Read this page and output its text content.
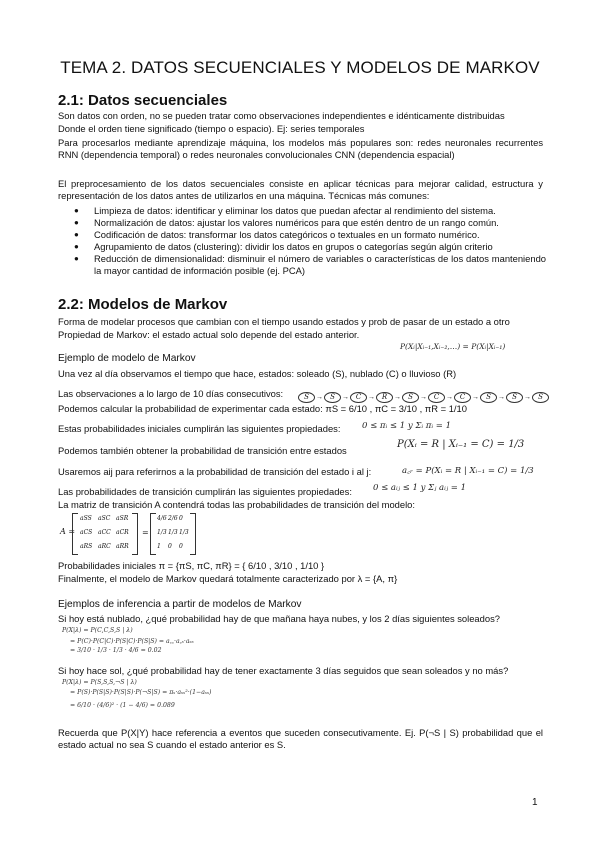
TEMA 2. DATOS SECUENCIALES Y MODELOS DE MARKOV
2.1: Datos secuenciales
Son datos con orden, no se pueden tratar como observaciones independientes e idénticamente distribuidas
Donde el orden tiene significado (tiempo o espacio). Ej: series temporales
Para procesarlos mediante aprendizaje máquina, los modelos más populares son: redes neuronales recurrentes RNN (dependencia temporal) o redes neuronales convolucionales CNN (dependencia espacial)
El preprocesamiento de los datos secuenciales consiste en aplicar técnicas para mejorar calidad, estructura y representación de los datos antes de utilizarlos en una máquina. Técnicas más comunes:
● Limpieza de datos: identificar y eliminar los datos que puedan afectar al rendimiento del sistema.
● Normalización de datos: ajustar los valores numéricos para que estén dentro de un rango común.
● Codificación de datos: transformar los datos categóricos o textuales en un formato numérico.
● Agrupamiento de datos (clustering): dividir los datos en grupos o categorías según algún criterio
● Reducción de dimensionalidad: disminuir el número de variables o características de los datos manteniendo la mayor cantidad de información posible (ej. PCA)
2.2: Modelos de Markov
Forma de modelar procesos que cambian con el tiempo usando estados y prob de pasar de un estado a otro
Propiedad de Markov: el estado actual solo depende del estado anterior.
P(Xᵢ|Xᵢ₋₁,Xᵢ₋₂,…) = P(Xᵢ|Xᵢ₋₁)
Ejemplo de modelo de Markov
Una vez al día observamos el tiempo que hace, estados: soleado (S), nublado (C) o lluvioso (R)
Las observaciones a lo largo de 10 días consecutivos:	S → S → C → R → S → C → C → S → S → S
Podemos calcular la probabilidad de experimentar cada estado: πS = 6/10 , πC = 3/10 , πR = 1/10
Estas probabilidades iniciales cumplirán las siguientes propiedades:	0 ≤ πᵢ ≤ 1 y Σᵢ πᵢ = 1
Podemos también obtener la probabilidad de transición entre estados
P(Xᵢ = R | Xᵢ₋₁ = C) = 1/3
Usaremos aij para referirnos a la probabilidad de transición del estado i al j:	a꜀ᵣ = P(Xᵢ = R | Xᵢ₋₁ = C) = 1/3
Las probabilidades de transición cumplirán las siguientes propiedades: 0 ≤ aᵢⱼ ≤ 1 y Σⱼ aᵢⱼ = 1
La matriz de transición A contendrá todas las probabilidades de transición del modelo:
A =
aSS aSC aSR
aCS aCC aCR
aRS aRC aRR
=
4/6 2/6 0
1/3 1/3 1/3
1 0 0
Probabilidades iniciales π = {πS, πC, πR} = { 6/10 , 3/10 , 1/10 }
Finalmente, el modelo de Markov quedará totalmente caracterizado por λ = {A, π}
Ejemplos de inferencia a partir de modelos de Markov
Si hoy está nublado, ¿qué probabilidad hay de que mañana haya nubes, y los 2 días siguientes soleados?
P(X|λ) = P(C,C,S,S | λ)
= P(C)·P(C|C)·P(S|C)·P(S|S) = a꜀꜀·a꜀ₛ·aₛₛ
= 3/10 · 1/3 · 1/3 · 4/6 = 0.02
Si hoy hace sol, ¿qué probabilidad hay de tener exactamente 3 días seguidos que sean soleados y no más?
P(X|λ) = P(S,S,S,¬S | λ)
= P(S)·P(S|S)·P(S|S)·P(¬S|S) = πₛ·aₛₛ²·(1−aₛₛ)
= 6/10 · (4/6)² · (1 − 4/6) = 0.089
Recuerda que P(X|Y) hace referencia a eventos que suceden consecutivamente. Ej. P(¬S | S) probabilidad que el estado actual no sea S cuando el estado anterior es S.
1
